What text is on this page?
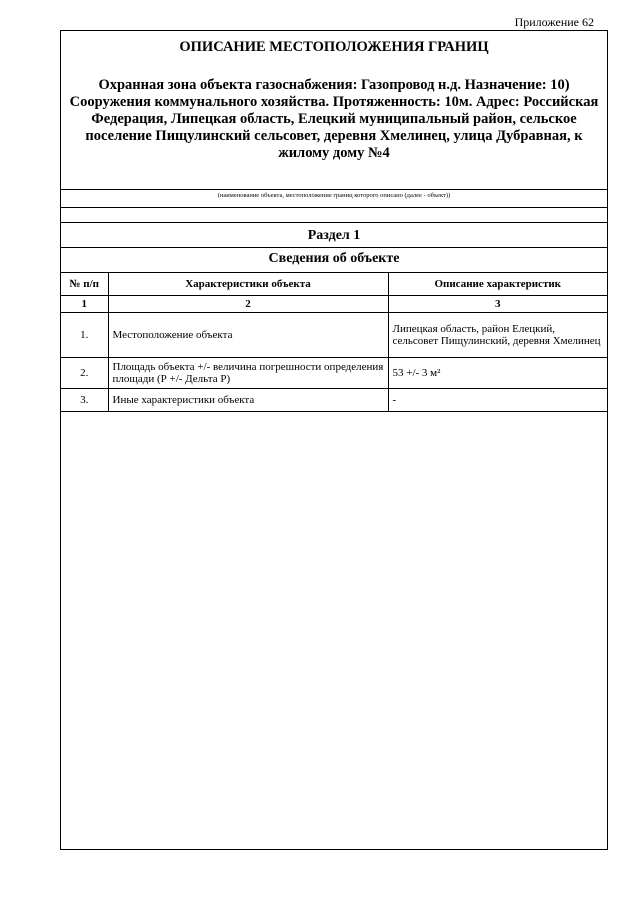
Приложение 62
ОПИСАНИЕ МЕСТОПОЛОЖЕНИЯ ГРАНИЦ
Охранная зона объекта газоснабжения: Газопровод н.д. Назначение: 10) Сооружения коммунального хозяйства. Протяженность: 10м. Адрес: Российская Федерация, Липецкая область, Елецкий муниципальный район, сельское поселение Пищулинский сельсовет, деревня Хмелинец, улица Дубравная, к жилому дому №4
(наименование объекта, местоположение границ которого описано (далее - объект))
Раздел 1
Сведения об объекте
№ п/п	Характеристики объекта	Описание характеристик
1	2	3
1.	Местоположение объекта	Липецкая область, район Елецкий, сельсовет Пищулинский, деревня Хмелинец
2.	Площадь объекта +/- величина погрешности определения площади (Р +/- Дельта Р)	53 +/- 3 м²
3.	Иные характеристики объекта	-
